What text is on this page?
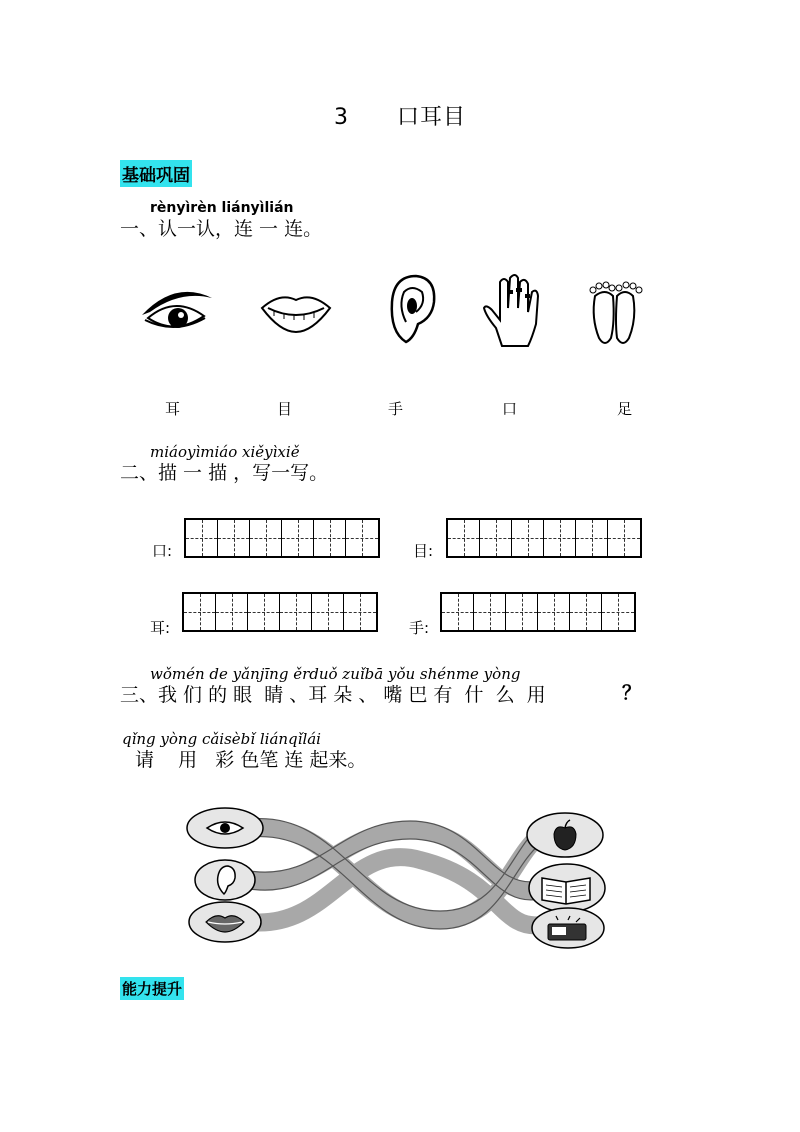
3 口耳目
基础巩固
rènyìrèn liányìlián
一、认一认，连 一 连。
耳	目	手	口	足
miáoyìmiáo xiěyìxiě
二、描 一 描 ，写一写。
口:	目:
耳:	手:
wǒmén de yǎnjīng ěrduǒ zuǐbā yǒu shénme yòng
三、我 们 的 眼  睛 、耳 朵 、 嘴 巴 有  什  么  用	？
qǐng yòng cǎisèbǐ liánqǐlái
请    用   彩 色笔 连 起来。
能力提升
